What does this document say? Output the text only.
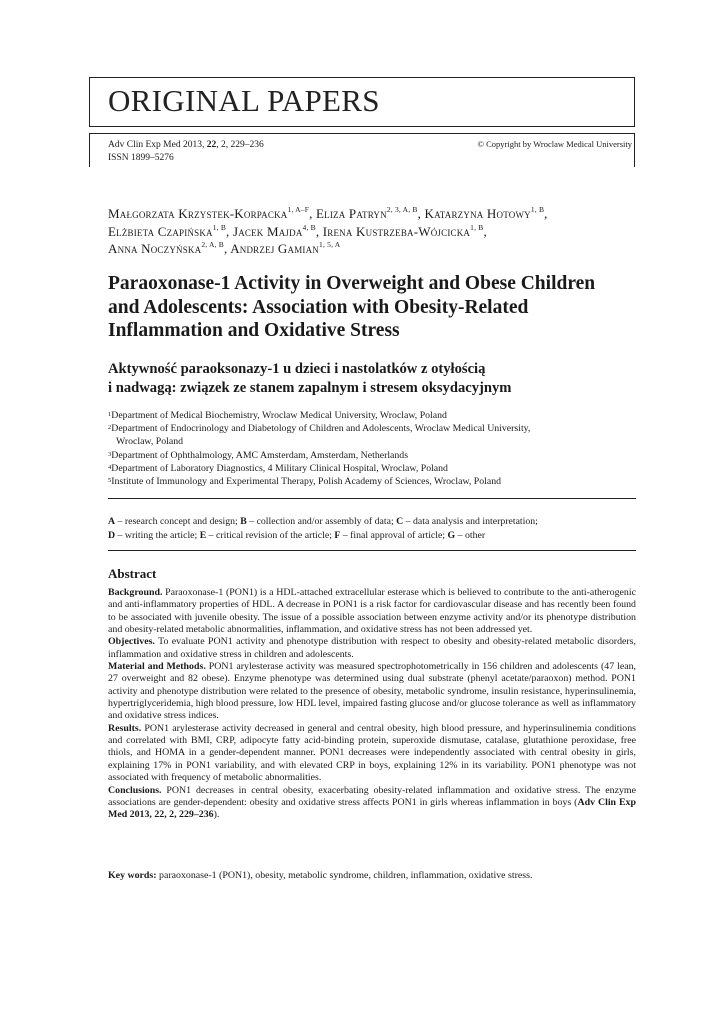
ORIGINAL PAPERS
Adv Clin Exp Med 2013, 22, 2, 229–236
ISSN 1899–5276
© Copyright by Wroclaw Medical University
Małgorzata Krzystek-Korpacka$^{1, A-F}$, Eliza Patryn$^{2, 3, A, B}$, Katarzyna Hotowy$^{1, B}$,
Elżbieta Czapińska$^{1, B}$, Jacek Majda$^{4, B}$, Irena Kustrzeba-Wójcicka$^{1, B}$,
Anna Noczyńska$^{2, A, B}$, Andrzej Gamian$^{1, 5, A}$
Paraoxonase-1 Activity in Overweight and Obese Children and Adolescents: Association with Obesity-Related Inflammation and Oxidative Stress
Aktywność paraoksonazy-1 u dzieci i nastolatków z otyłością
i nadwagą: związek ze stanem zapalnym i stresem oksydacyjnym
$^1$Department of Medical Biochemistry, Wroclaw Medical University, Wroclaw, Poland
$^2$Department of Endocrinology and Diabetology of Children and Adolescents, Wroclaw Medical University,
Wroclaw, Poland
$^3$Department of Ophthalmology, AMC Amsterdam, Amsterdam, Netherlands
$^4$Department of Laboratory Diagnostics, 4 Military Clinical Hospital, Wroclaw, Poland
$^5$Institute of Immunology and Experimental Therapy, Polish Academy of Sciences, Wroclaw, Poland
A – research concept and design; B – collection and/or assembly of data; C – data analysis and interpretation;
D – writing the article; E – critical revision of the article; F – final approval of article; G – other
Abstract

Background. Paraoxonase-1 (PON1) is a HDL-attached extracellular esterase which is believed to contribute to the anti-atherogenic and anti-inflammatory properties of HDL. A decrease in PON1 is a risk factor for cardiovascular disease and has recently been found to be associated with juvenile obesity. The issue of a possible association between enzyme activity and/or its phenotype distribution and obesity-related metabolic abnormalities, inflammation, and oxidative stress has not been addressed yet.

Objectives. To evaluate PON1 activity and phenotype distribution with respect to obesity and obesity-related metabolic disorders, inflammation and oxidative stress in children and adolescents.

Material and Methods. PON1 arylesterase activity was measured spectrophotometrically in 156 children and adolescents (47 lean, 27 overweight and 82 obese). Enzyme phenotype was determined using dual substrate (phenyl acetate/paraoxon) method. PON1 activity and phenotype distribution were related to the presence of obesity, metabolic syndrome, insulin resistance, hyperinsulinemia, hypertriglyceridemia, high blood pressure, low HDL level, impaired fasting glucose and/or glucose tolerance as well as inflammatory and oxidative stress indices.

Results. PON1 arylesterase activity decreased in general and central obesity, high blood pressure, and hyperinsulinemia conditions and correlated with BMI, CRP, adipocyte fatty acid-binding protein, superoxide dismutase, catalase, glutathione peroxidase, free thiols, and HOMA in a gender-dependent manner. PON1 decreases were independently associated with central obesity in girls, explaining 17% in PON1 variability, and with elevated CRP in boys, explaining 12% in its variability. PON1 phenotype was not associated with frequency of metabolic abnormalities.

Conclusions. PON1 decreases in central obesity, exacerbating obesity-related inflammation and oxidative stress. The enzyme associations are gender-dependent: obesity and oxidative stress affects PON1 in girls whereas inflammation in boys (Adv Clin Exp Med 2013, 22, 2, 229–236).

Key words: paraoxonase-1 (PON1), obesity, metabolic syndrome, children, inflammation, oxidative stress.
